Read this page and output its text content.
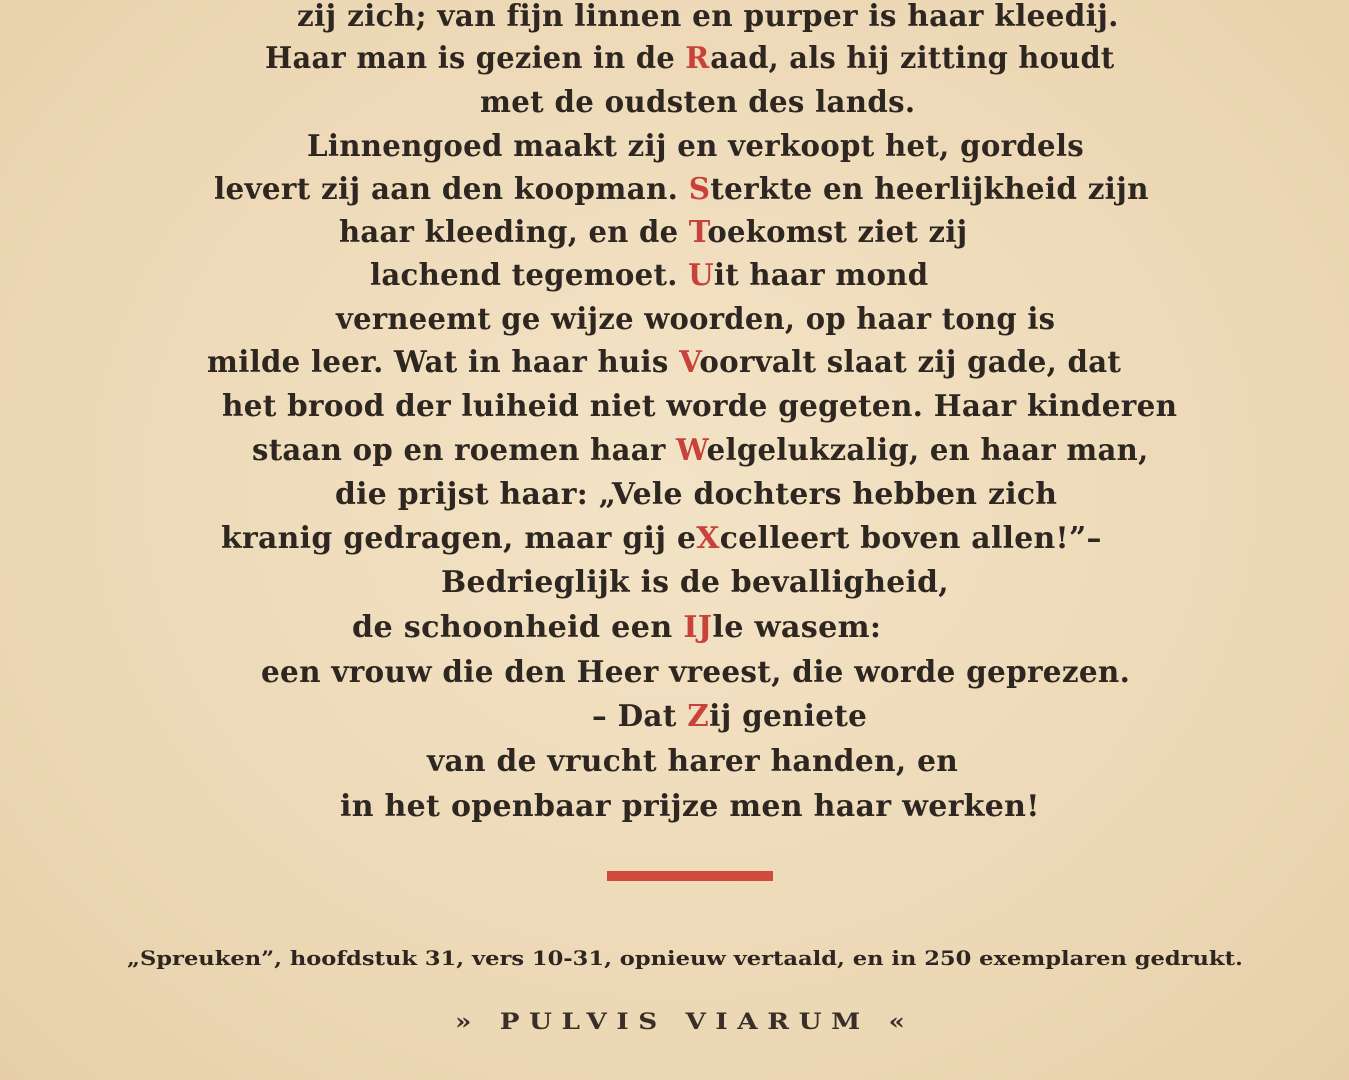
zij zich; van fijn linnen en purper is haar kleedij.
Haar man is gezien in de Raad, als hij zitting houdt
met de oudsten des lands.
Linnengoed maakt zij en verkoopt het, gordels
levert zij aan den koopman. Sterkte en heerlijkheid zijn
haar kleeding, en de Toekomst ziet zij
lachend tegemoet. Uit haar mond
verneemt ge wijze woorden, op haar tong is
milde leer. Wat in haar huis Voorvalt slaat zij gade, dat
het brood der luiheid niet worde gegeten. Haar kinderen
staan op en roemen haar Welgelukzalig, en haar man,
die prijst haar: „Vele dochters hebben zich
kranig gedragen, maar gij eXcelleert boven allen!”–
Bedrieglijk is de bevalligheid,
de schoonheid een IJle wasem:
een vrouw die den Heer vreest, die worde geprezen.
– Dat Zij geniete
van de vrucht harer handen, en
in het openbaar prijze men haar werken!
„Spreuken”, hoofdstuk 31, vers 10-31, opnieuw vertaald, en in 250 exemplaren gedrukt.
» PULVIS VIARUM «
